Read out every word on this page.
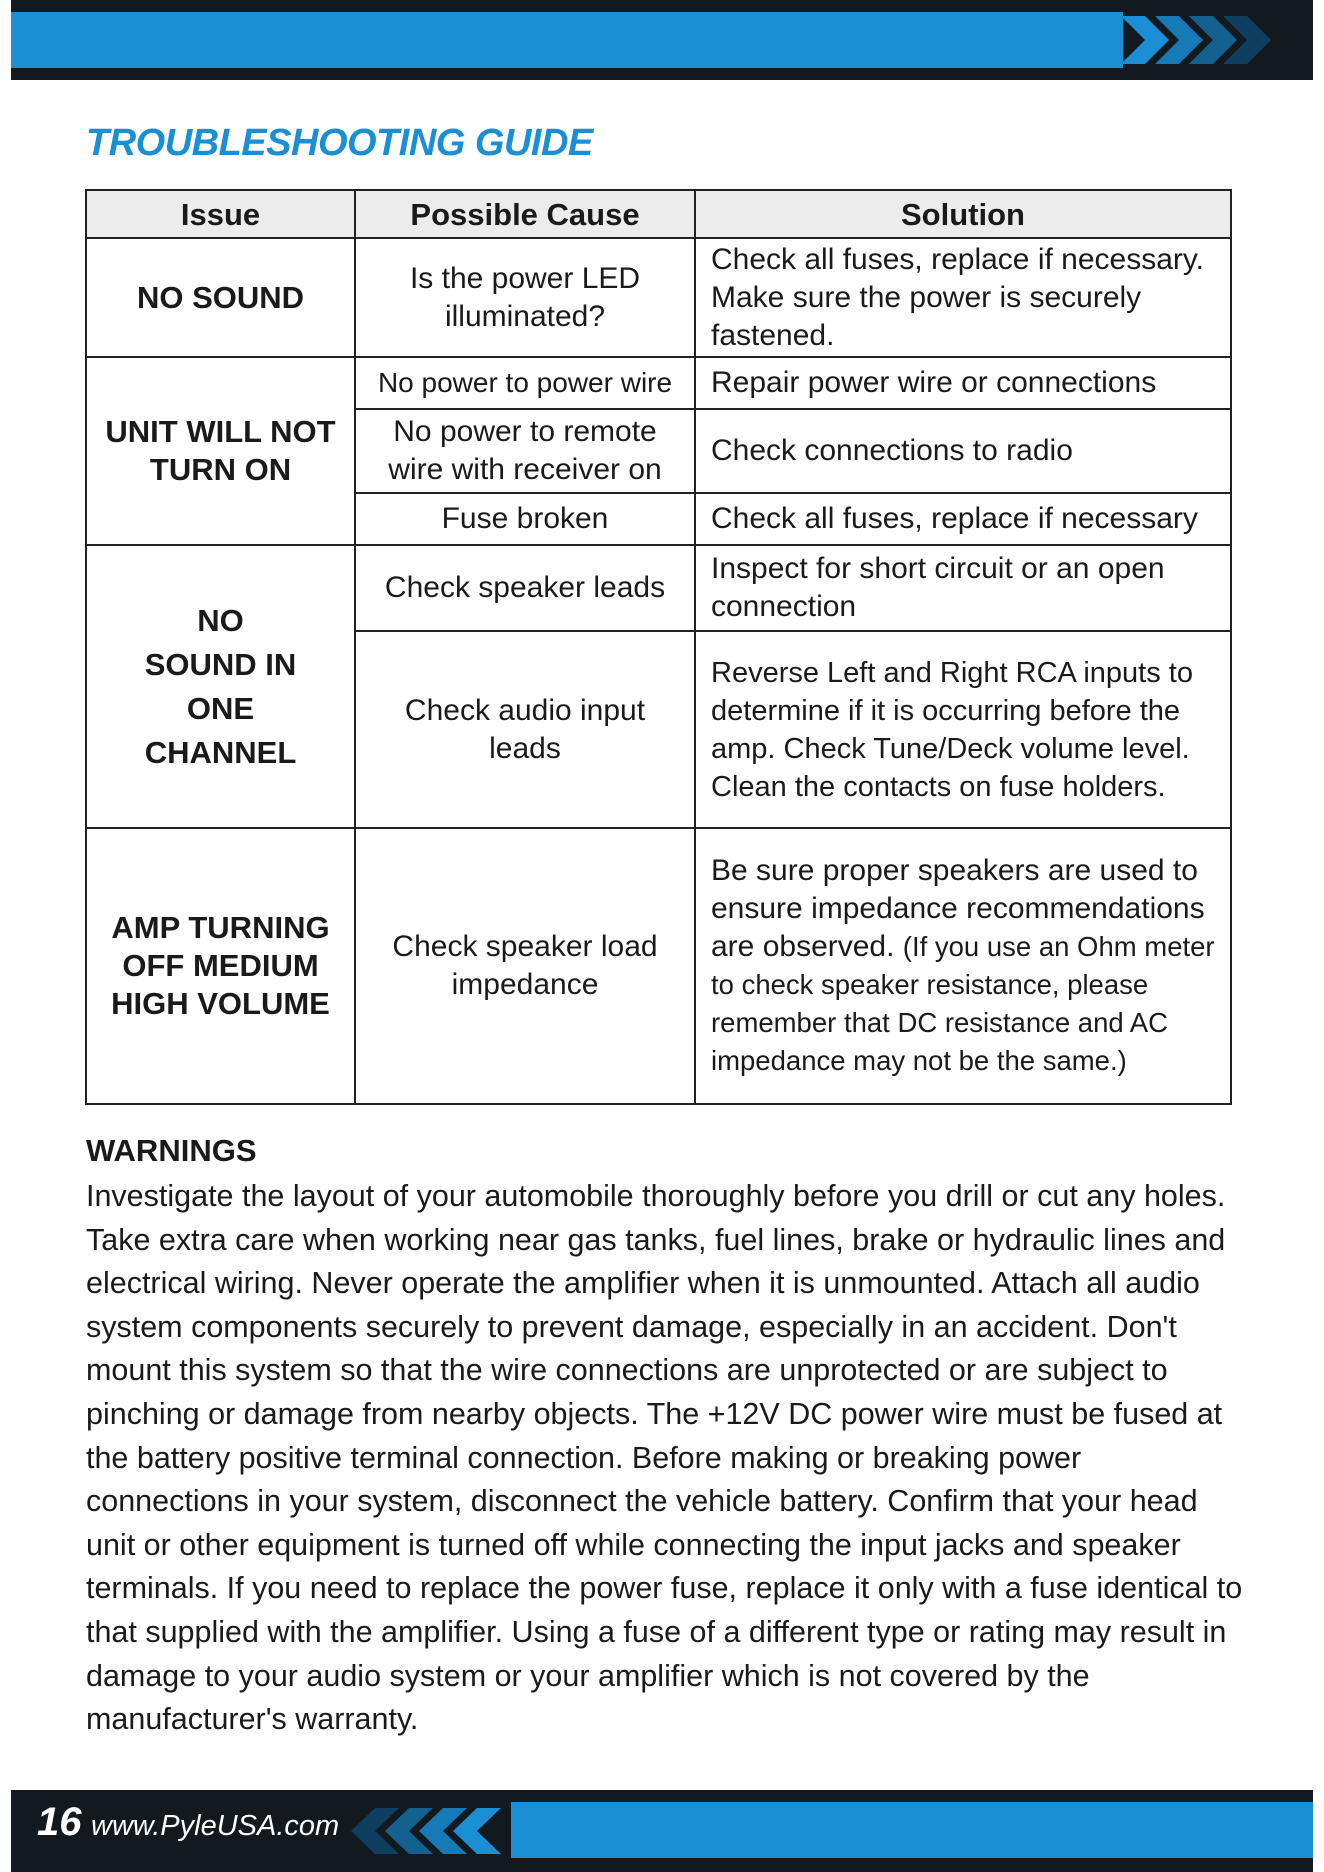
TROUBLESHOOTING GUIDE
Issue	Possible Cause	Solution
NO SOUND	Is the power LED illuminated?	Check all fuses, replace if necessary. Make sure the power is securely fastened.
UNIT WILL NOT TURN ON	No power to power wire	Repair power wire or connections
	No power to remote wire with receiver on	Check connections to radio
	Fuse broken	Check all fuses, replace if necessary
NO SOUND IN ONE CHANNEL	Check speaker leads	Inspect for short circuit or an open connection
	Check audio input leads	Reverse Left and Right RCA inputs to determine if it is occurring before the amp. Check Tune/Deck volume level. Clean the contacts on fuse holders.
AMP TURNING OFF MEDIUM HIGH VOLUME	Check speaker load impedance	Be sure proper speakers are used to ensure impedance recommendations are observed. (If you use an Ohm meter to check speaker resistance, please remember that DC resistance and AC impedance may not be the same.)
WARNINGS

Investigate the layout of your automobile thoroughly before you drill or cut any holes. Take extra care when working near gas tanks, fuel lines, brake or hydraulic lines and electrical wiring. Never operate the amplifier when it is unmounted. Attach all audio system components securely to prevent damage, especially in an accident. Don't mount this system so that the wire connections are unprotected or are subject to pinching or damage from nearby objects. The +12V DC power wire must be fused at the battery positive terminal connection. Before making or breaking power connections in your system, disconnect the vehicle battery. Confirm that your head unit or other equipment is turned off while connecting the input jacks and speaker terminals. If you need to replace the power fuse, replace it only with a fuse identical to that supplied with the amplifier. Using a fuse of a different type or rating may result in damage to your audio system or your amplifier which is not covered by the manufacturer's warranty.

16 www.PyleUSA.com
